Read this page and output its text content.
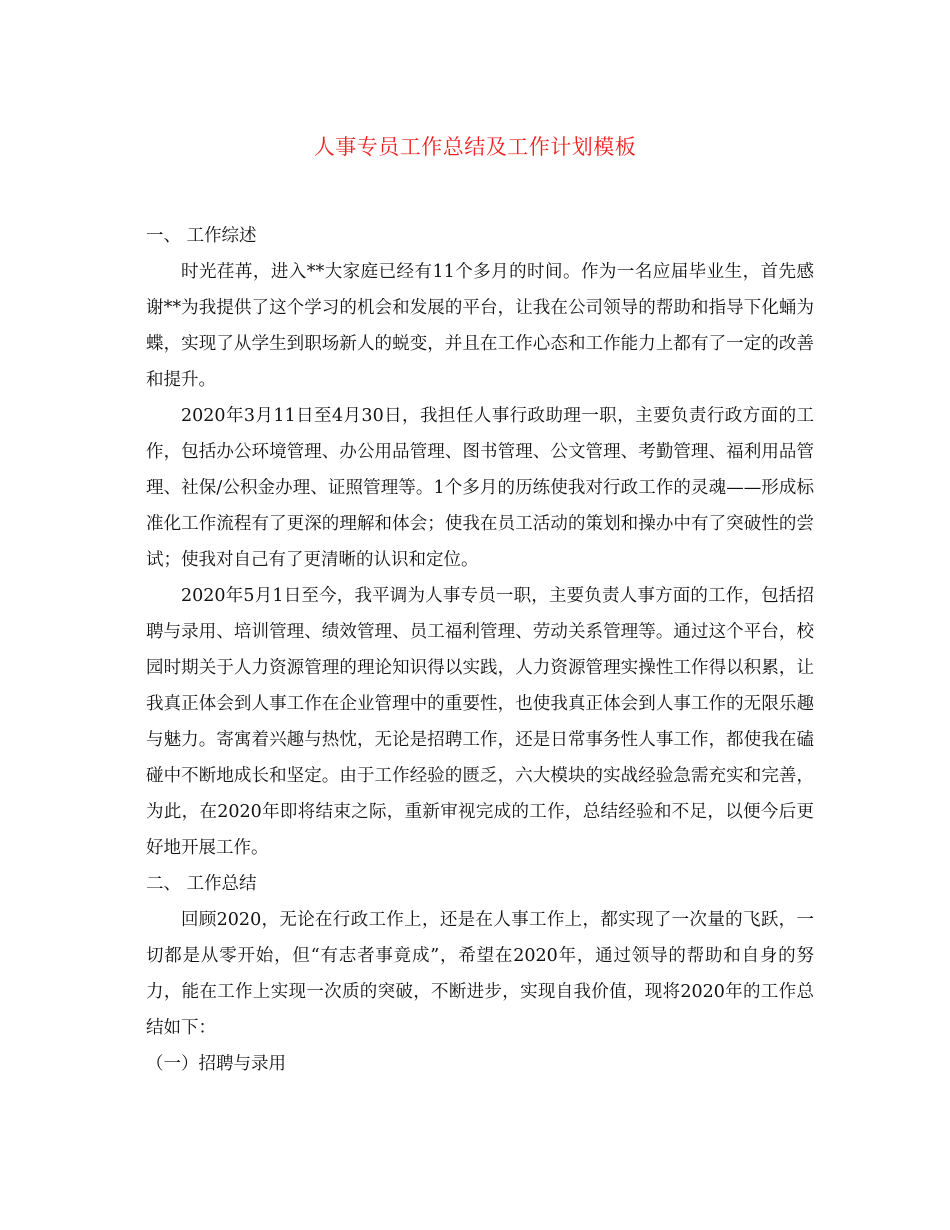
人事专员工作总结及工作计划模板

一、 工作综述

时光荏苒，进入**大家庭已经有11个多月的时间。作为一名应届毕业生，首先感谢**为我提供了这个学习的机会和发展的平台，让我在公司领导的帮助和指导下化蛹为蝶，实现了从学生到职场新人的蜕变，并且在工作心态和工作能力上都有了一定的改善和提升。

2020年3月11日至4月30日，我担任人事行政助理一职，主要负责行政方面的工作，包括办公环境管理、办公用品管理、图书管理、公文管理、考勤管理、福利用品管理、社保/公积金办理、证照管理等。1个多月的历练使我对行政工作的灵魂——形成标准化工作流程有了更深的理解和体会；使我在员工活动的策划和操办中有了突破性的尝试；使我对自己有了更清晰的认识和定位。

2020年5月1日至今，我平调为人事专员一职，主要负责人事方面的工作，包括招聘与录用、培训管理、绩效管理、员工福利管理、劳动关系管理等。通过这个平台，校园时期关于人力资源管理的理论知识得以实践，人力资源管理实操性工作得以积累，让我真正体会到人事工作在企业管理中的重要性，也使我真正体会到人事工作的无限乐趣与魅力。寄寓着兴趣与热忱，无论是招聘工作，还是日常事务性人事工作，都使我在磕碰中不断地成长和坚定。由于工作经验的匮乏，六大模块的实战经验急需充实和完善，为此，在2020年即将结束之际，重新审视完成的工作，总结经验和不足，以便今后更好地开展工作。

二、 工作总结

回顾2020，无论在行政工作上，还是在人事工作上，都实现了一次量的飞跃，一切都是从零开始，但“有志者事竟成”，希望在2020年，通过领导的帮助和自身的努力，能在工作上实现一次质的突破，不断进步，实现自我价值，现将2020年的工作总结如下：

（一）招聘与录用
